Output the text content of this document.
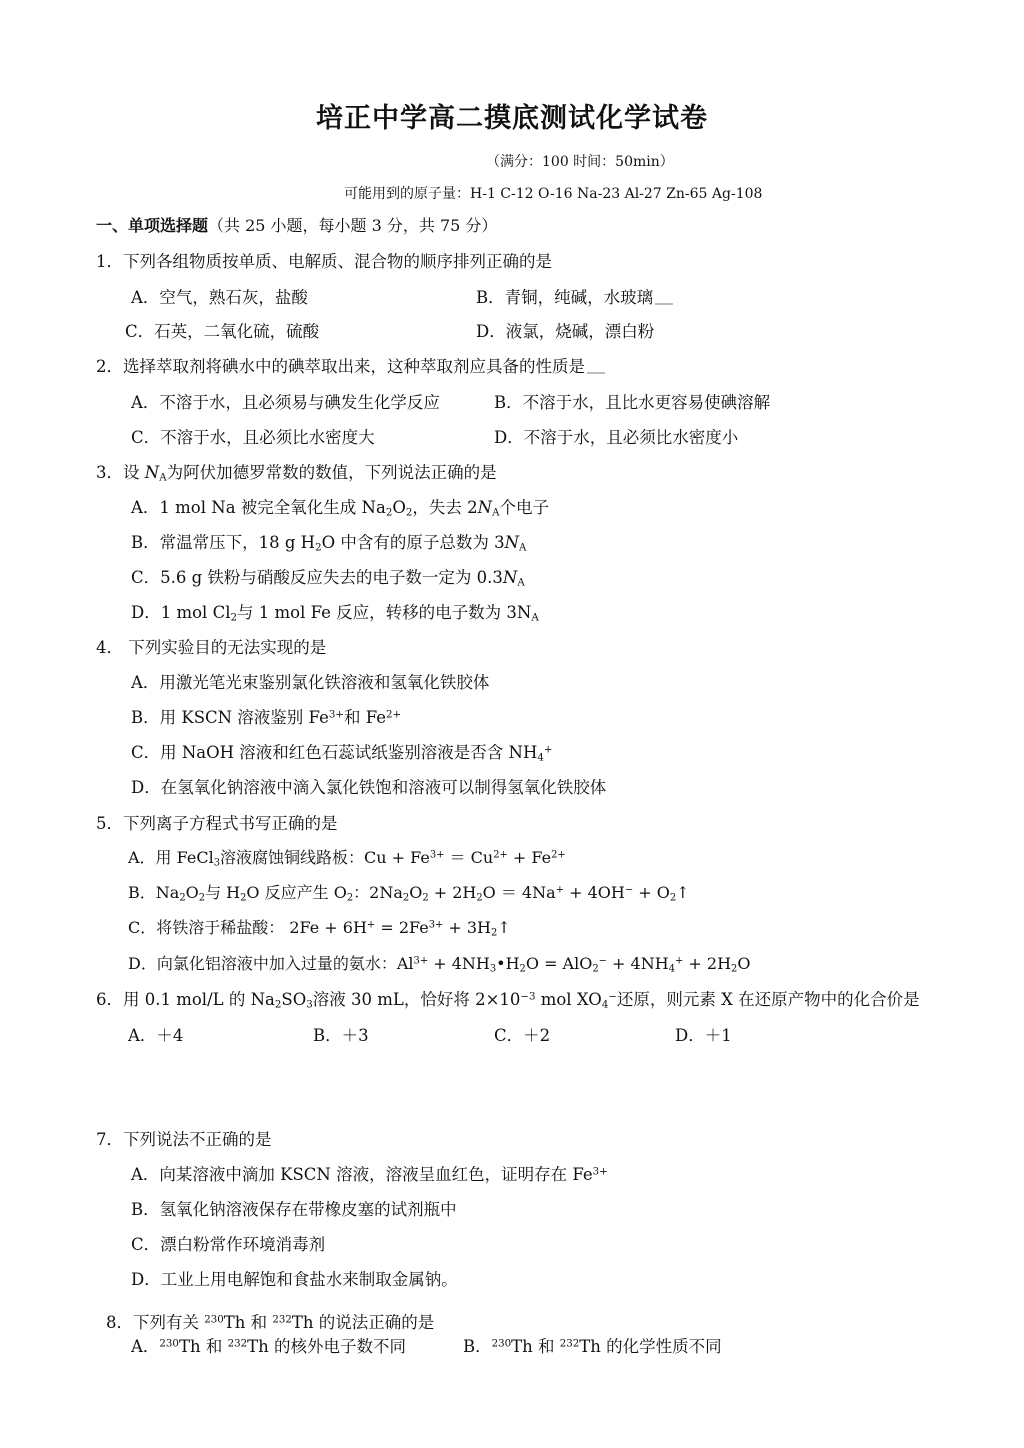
培正中学高二摸底测试化学试卷
（满分：100 时间：50min）
可能用到的原子量：H-1 C-12 O-16 Na-23 Al-27 Zn-65 Ag-108
一、单项选择题（共 25 小题，每小题 3 分，共 75 分）
1．下列各组物质按单质、电解质、混合物的顺序排列正确的是
A．空气，熟石灰，盐酸	B．青铜，纯碱，水玻璃
C．石英，二氧化硫，硫酸	D．液氯，烧碱，漂白粉
2．选择萃取剂将碘水中的碘萃取出来，这种萃取剂应具备的性质是
A．不溶于水，且必须易与碘发生化学反应	B．不溶于水，且比水更容易使碘溶解
C．不溶于水，且必须比水密度大	D．不溶于水，且必须比水密度小
3．设 $N_A$为阿伏加德罗常数的数值，下列说法正确的是
A．1 mol Na 被完全氧化生成 $Na_2O_2$，失去 $2N_A$个电子
B．常温常压下，18 g $H_2O$ 中含有的原子总数为 $3N_A$
C．5.6 g 铁粉与硝酸反应失去的电子数一定为 $0.3N_A$
D．1 mol $Cl_2$与 1 mol Fe 反应，转移的电子数为 $3N_A$
4． 下列实验目的无法实现的是
A．用激光笔光束鉴别氯化铁溶液和氢氧化铁胶体
B．用 KSCN 溶液鉴别 $Fe^{3+}$和 $Fe^{2+}$
C．用 NaOH 溶液和红色石蕊试纸鉴别溶液是否含 $NH_4^+$
D．在氢氧化钠溶液中滴入氯化铁饱和溶液可以制得氢氧化铁胶体
5．下列离子方程式书写正确的是
A．用 FeCl$_3$溶液腐蚀铜线路板：$Cu + Fe^{3+} = Cu^{2+} + Fe^{2+}$
B．$Na_2O_2$与 $H_2O$ 反应产生 $O_2$：$2Na_2O_2 + 2H_2O = 4Na^+ + 4OH^-$ + $O_2↑$
C．将铁溶于稀盐酸： $2Fe + 6H^+ = 2Fe^{3+}$ + $3H_2↑$
D．向氯化铝溶液中加入过量的氨水：$Al^{3+}$ + $4NH_3•H_2O = AlO_2^- + 4NH_4^+ + 2H_2O$
6．用 0.1 mol/L 的 $Na_2SO_3$溶液 30 mL，恰好将 $2\times 10^{-3}$ mol $XO_4^-$还原，则元素 X 在还原产物中的化合价是
A．＋4	B．＋3	C．＋2	D．＋1
7．下列说法不正确的是
A．向某溶液中滴加 KSCN 溶液，溶液呈血红色，证明存在 $Fe^{3+}$
B．氢氧化钠溶液保存在带橡皮塞的试剂瓶中
C．漂白粉常作环境消毒剂
D．工业上用电解饱和食盐水来制取金属钠。
8．下列有关 $^{230}$Th 和 $^{232}$Th 的说法正确的是
A．$^{230}$Th 和 $^{232}$Th 的核外电子数不同	B．$^{230}$Th 和 $^{232}$Th 的化学性质不同
